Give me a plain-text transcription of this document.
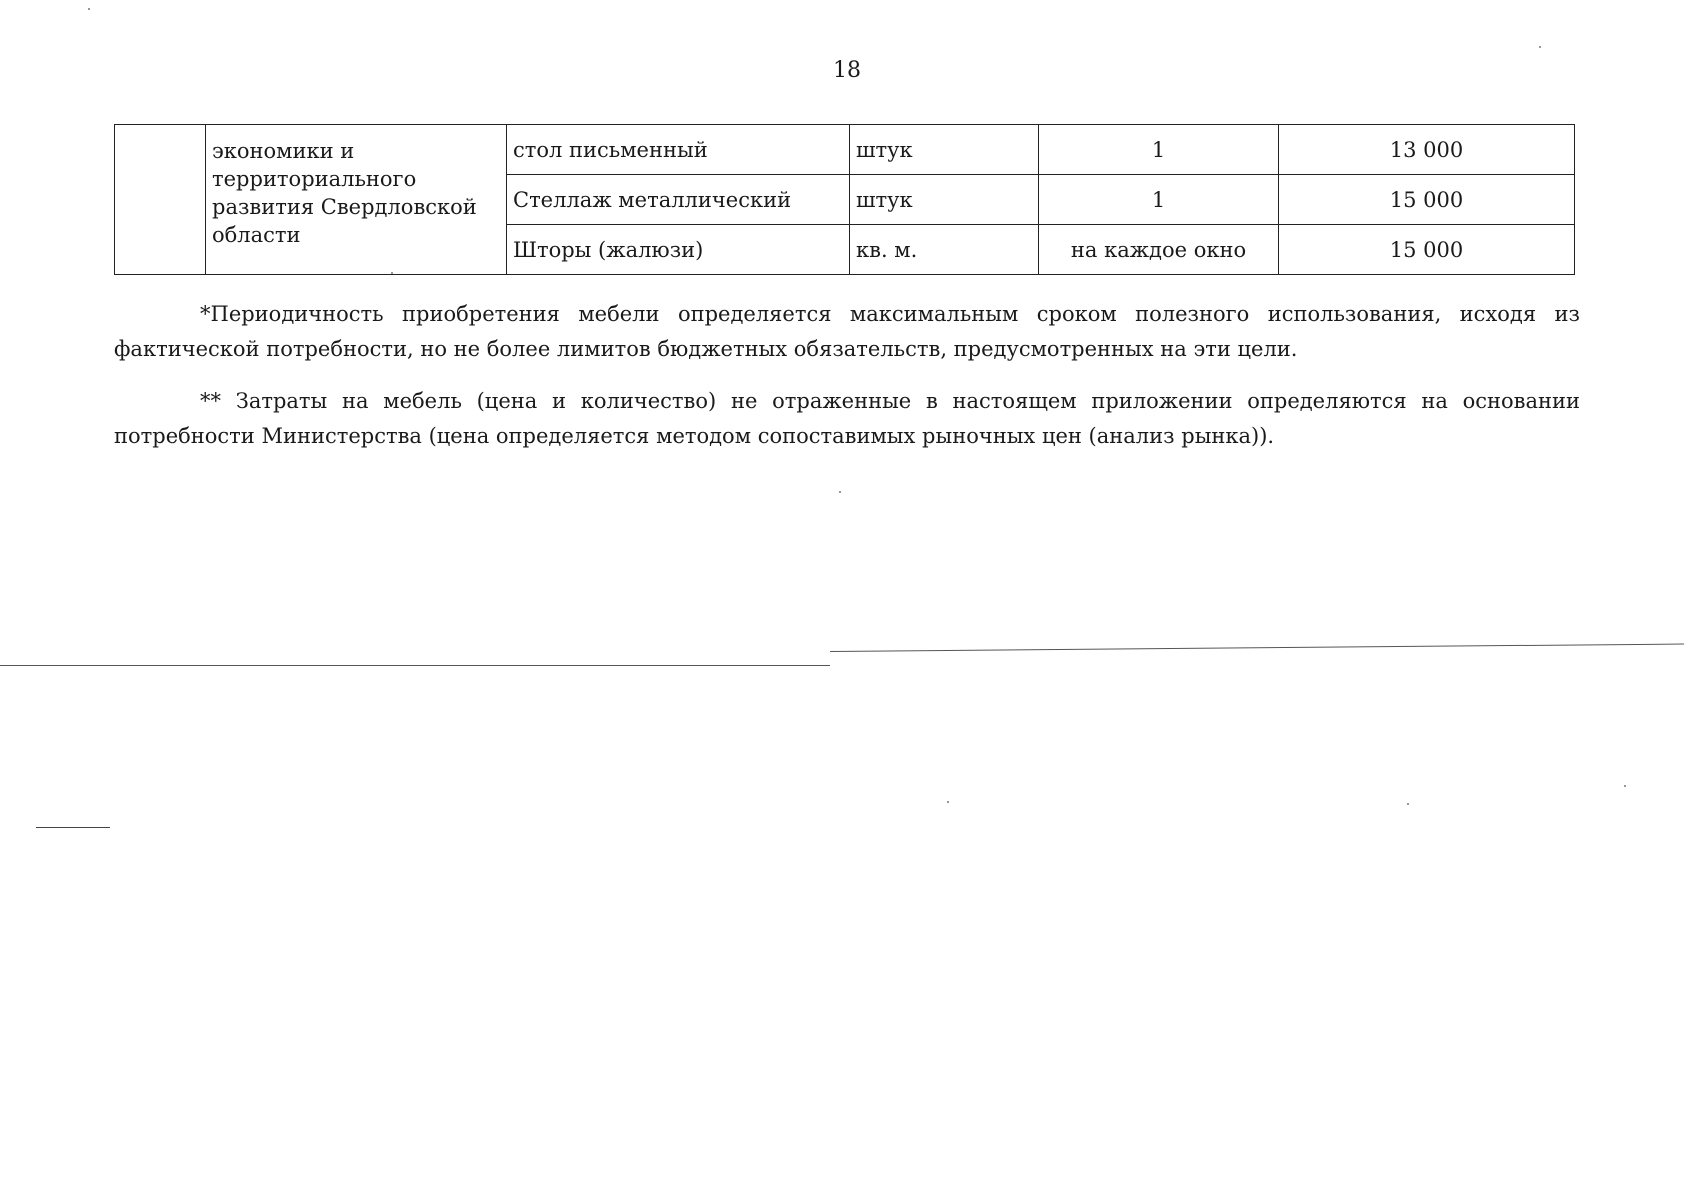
18
	экономики и территориального развития Свердловской области	стол письменный	штук	1	13 000
		Стеллаж металлический	штук	1	15 000
		Шторы (жалюзи)	кв. м.	на каждое окно	15 000

*Периодичность приобретения мебели определяется максимальным сроком полезного использования, исходя из фактической потребности, но не более лимитов бюджетных обязательств, предусмотренных на эти цели.

** Затраты на мебель (цена и количество) не отраженные в настоящем приложении определяются на основании потребности Министерства (цена определяется методом сопоставимых рыночных цен (анализ рынка)).
